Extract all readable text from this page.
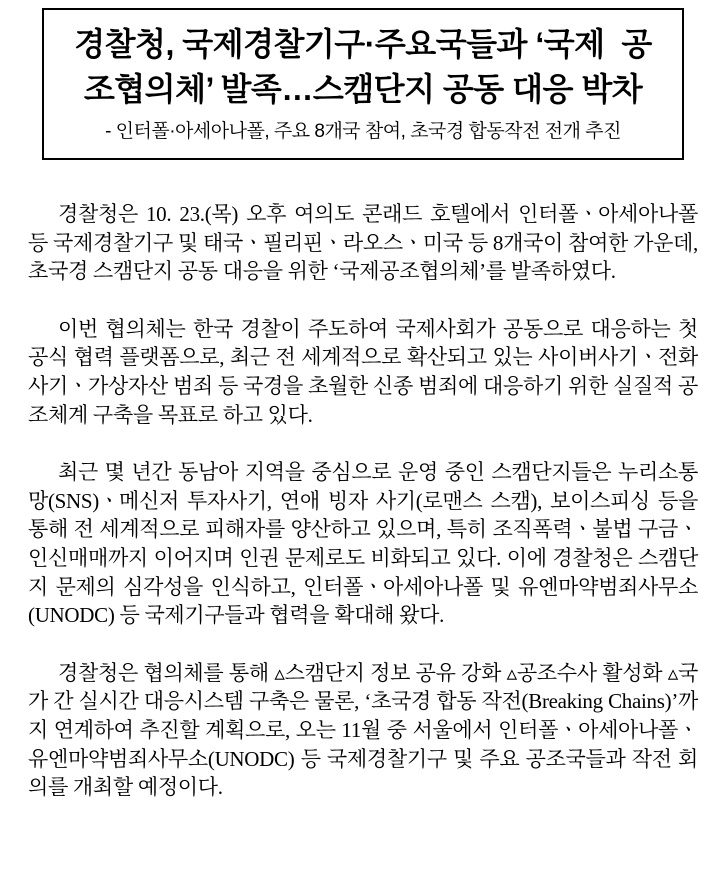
경찰청, 국제경찰기구·주요국들과 ‘국제  공조협의체’ 발족…스캠단지 공동 대응 박차

- 인터폴·아세아나폴, 주요 8개국 참여, 초국경 합동작전 전개 추진

경찰청은 10. 23.(목) 오후 여의도 콘래드 호텔에서 인터폴ㆍ아세아나폴 등 국제경찰기구 및 태국ㆍ필리핀ㆍ라오스ㆍ미국 등 8개국이 참여한 가운데, 초국경 스캠단지 공동 대응을 위한 ‘국제공조협의체’를 발족하였다.

이번 협의체는 한국 경찰이 주도하여 국제사회가 공동으로 대응하는 첫 공식 협력 플랫폼으로, 최근 전 세계적으로 확산되고 있는 사이버사기ㆍ전화사기ㆍ가상자산 범죄 등 국경을 초월한 신종 범죄에 대응하기 위한 실질적 공조체계 구축을 목표로 하고 있다.

최근 몇 년간 동남아 지역을 중심으로 운영 중인 스캠단지들은 누리소통망(SNS)ㆍ메신저 투자사기, 연애 빙자 사기(로맨스 스캠), 보이스피싱 등을 통해 전 세계적으로 피해자를 양산하고 있으며, 특히 조직폭력ㆍ불법 구금ㆍ인신매매까지 이어지며 인권 문제로도 비화되고 있다. 이에 경찰청은 스캠단지 문제의 심각성을 인식하고, 인터폴ㆍ아세아나폴 및 유엔마약범죄사무소(UNODC) 등 국제기구들과 협력을 확대해 왔다.

경찰청은 협의체를 통해 ▵스캠단지 정보 공유 강화 ▵공조수사 활성화 ▵국가 간 실시간 대응시스템 구축은 물론, ‘초국경 합동 작전(Breaking Chains)’까지 연계하여 추진할 계획으로, 오는 11월 중 서울에서 인터폴ㆍ아세아나폴ㆍ유엔마약범죄사무소(UNODC) 등 국제경찰기구 및 주요 공조국들과 작전 회의를 개최할 예정이다.
